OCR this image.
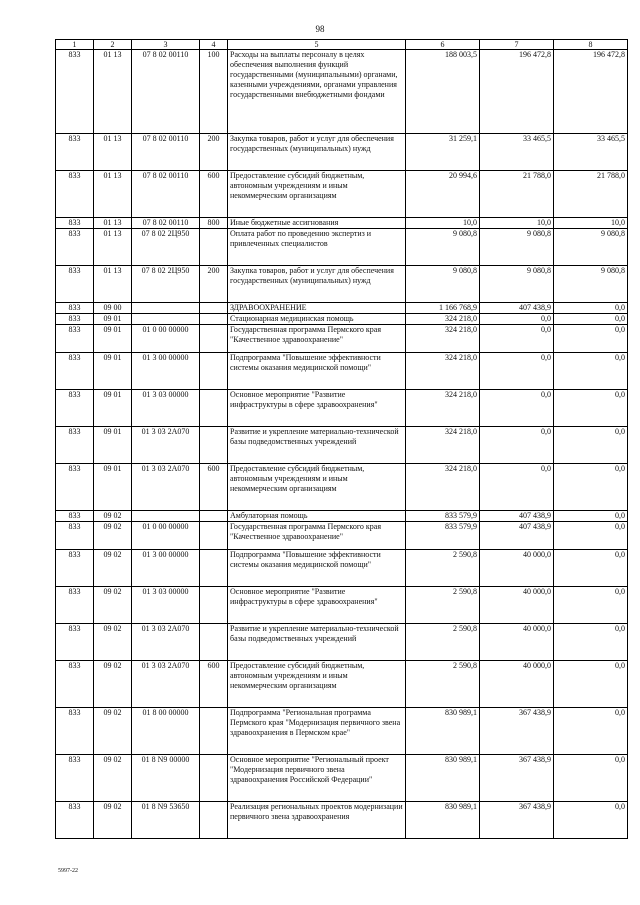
98
1	2	3	4	5	6	7	8
833	01 13	07 8 02 00110	100	Расходы на выплаты персоналу в целях обеспечения выполнения функций государственными (муниципальными) органами, казенными учреждениями, органами управления государственными внебюджетными фондами	188 003,5	196 472,8	196 472,8
833	01 13	07 8 02 00110	200	Закупка товаров, работ и услуг для обеспечения государственных (муниципальных) нужд	31 259,1	33 465,5	33 465,5
833	01 13	07 8 02 00110	600	Предоставление субсидий бюджетным, автономным учреждениям и иным некоммерческим организациям	20 994,6	21 788,0	21 788,0
833	01 13	07 8 02 00110	800	Иные бюджетные ассигнования	10,0	10,0	10,0
833	01 13	07 8 02 2Ц950		Оплата работ по проведению экспертиз и привлеченных специалистов	9 080,8	9 080,8	9 080,8
833	01 13	07 8 02 2Ц950	200	Закупка товаров, работ и услуг для обеспечения государственных (муниципальных) нужд	9 080,8	9 080,8	9 080,8
833	09 00			ЗДРАВООХРАНЕНИЕ	1 166 768,9	407 438,9	0,0
833	09 01			Стационарная медицинская помощь	324 218,0	0,0	0,0
833	09 01	01 0 00 00000		Государственная программа Пермского края "Качественное здравоохранение"	324 218,0	0,0	0,0
833	09 01	01 3 00 00000		Подпрограмма "Повышение эффективности системы оказания медицинской помощи"	324 218,0	0,0	0,0
833	09 01	01 3 03 00000		Основное мероприятие "Развитие инфраструктуры в сфере здравоохранения"	324 218,0	0,0	0,0
833	09 01	01 3 03 2А070		Развитие и укрепление материально-технической базы подведомственных учреждений	324 218,0	0,0	0,0
833	09 01	01 3 03 2А070	600	Предоставление субсидий бюджетным, автономным учреждениям и иным некоммерческим организациям	324 218,0	0,0	0,0
833	09 02			Амбулаторная помощь	833 579,9	407 438,9	0,0
833	09 02	01 0 00 00000		Государственная программа Пермского края "Качественное здравоохранение"	833 579,9	407 438,9	0,0
833	09 02	01 3 00 00000		Подпрограмма "Повышение эффективности системы оказания медицинской помощи"	2 590,8	40 000,0	0,0
833	09 02	01 3 03 00000		Основное мероприятие "Развитие инфраструктуры в сфере здравоохранения"	2 590,8	40 000,0	0,0
833	09 02	01 3 03 2А070		Развитие и укрепление материально-технической базы подведомственных учреждений	2 590,8	40 000,0	0,0
833	09 02	01 3 03 2А070	600	Предоставление субсидий бюджетным, автономным учреждениям и иным некоммерческим организациям	2 590,8	40 000,0	0,0
833	09 02	01 8 00 00000		Подпрограмма "Региональная программа Пермского края "Модернизация первичного звена здравоохранения в Пермском крае"	830 989,1	367 438,9	0,0
833	09 02	01 8 N9 00000		Основное мероприятие "Региональный проект "Модернизация первичного звена здравоохранения Российской Федерации"	830 989,1	367 438,9	0,0
833	09 02	01 8 N9 53650		Реализация региональных проектов модернизации первичного звена здравоохранения	830 989,1	367 438,9	0,0
5997-22
